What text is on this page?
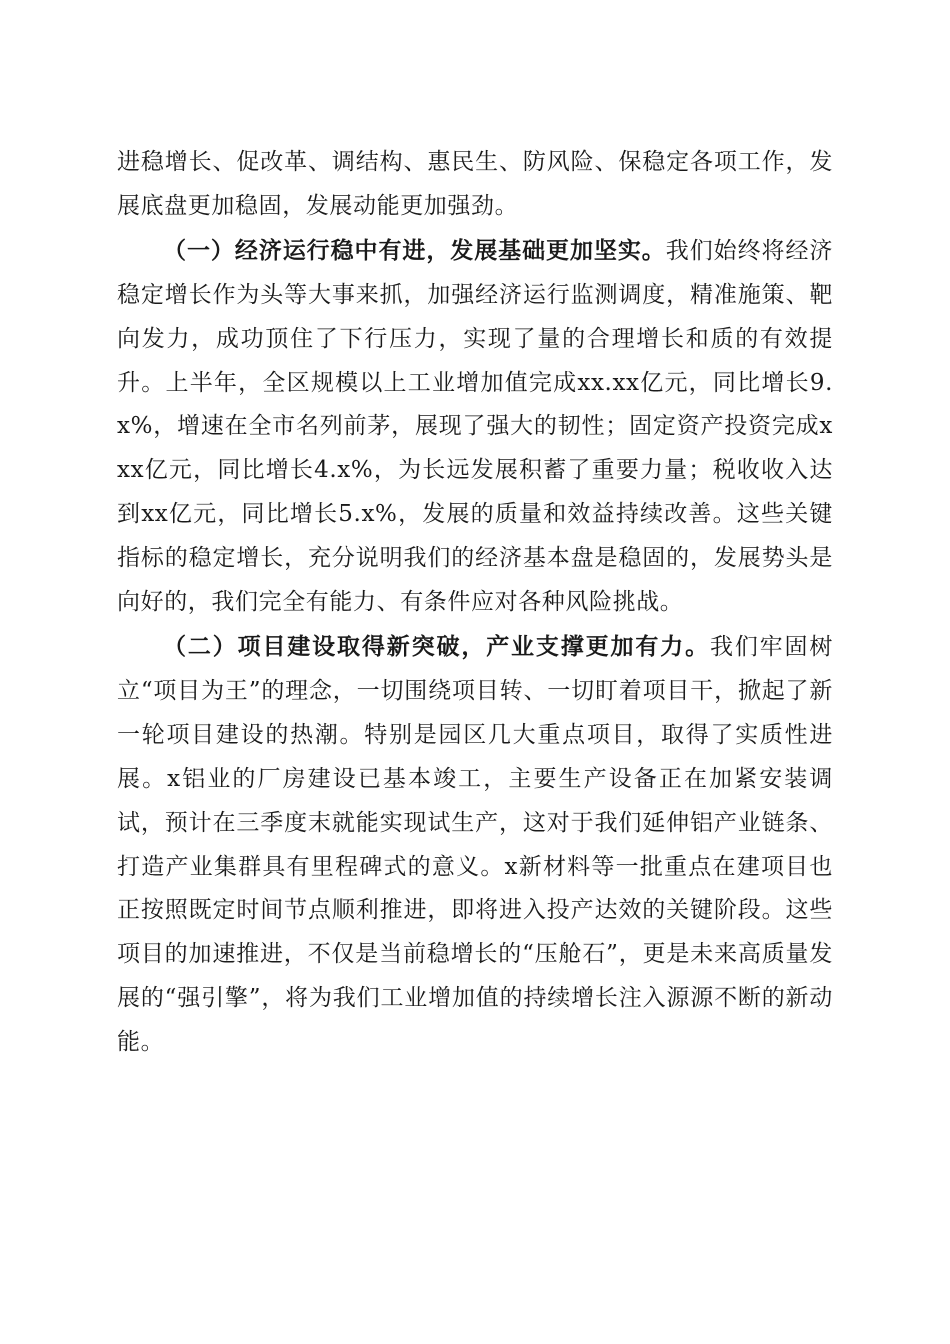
进稳增长、促改革、调结构、惠民生、防风险、保稳定各项工作，发展底盘更加稳固，发展动能更加强劲。

（一）经济运行稳中有进，发展基础更加坚实。我们始终将经济稳定增长作为头等大事来抓，加强经济运行监测调度，精准施策、靶向发力，成功顶住了下行压力，实现了量的合理增长和质的有效提升。上半年，全区规模以上工业增加值完成xx.xx亿元，同比增长9.x%，增速在全市名列前茅，展现了强大的韧性；固定资产投资完成xxx亿元，同比增长4.x%，为长远发展积蓄了重要力量；税收收入达到xx亿元，同比增长5.x%，发展的质量和效益持续改善。这些关键指标的稳定增长，充分说明我们的经济基本盘是稳固的，发展势头是向好的，我们完全有能力、有条件应对各种风险挑战。

（二）项目建设取得新突破，产业支撑更加有力。我们牢固树立“项目为王”的理念，一切围绕项目转、一切盯着项目干，掀起了新一轮项目建设的热潮。特别是园区几大重点项目，取得了实质性进展。x铝业的厂房建设已基本竣工，主要生产设备正在加紧安装调试，预计在三季度末就能实现试生产，这对于我们延伸铝产业链条、打造产业集群具有里程碑式的意义。x新材料等一批重点在建项目也正按照既定时间节点顺利推进，即将进入投产达效的关键阶段。这些项目的加速推进，不仅是当前稳增长的“压舱石”，更是未来高质量发展的“强引擎”，将为我们工业增加值的持续增长注入源源不断的新动能。
